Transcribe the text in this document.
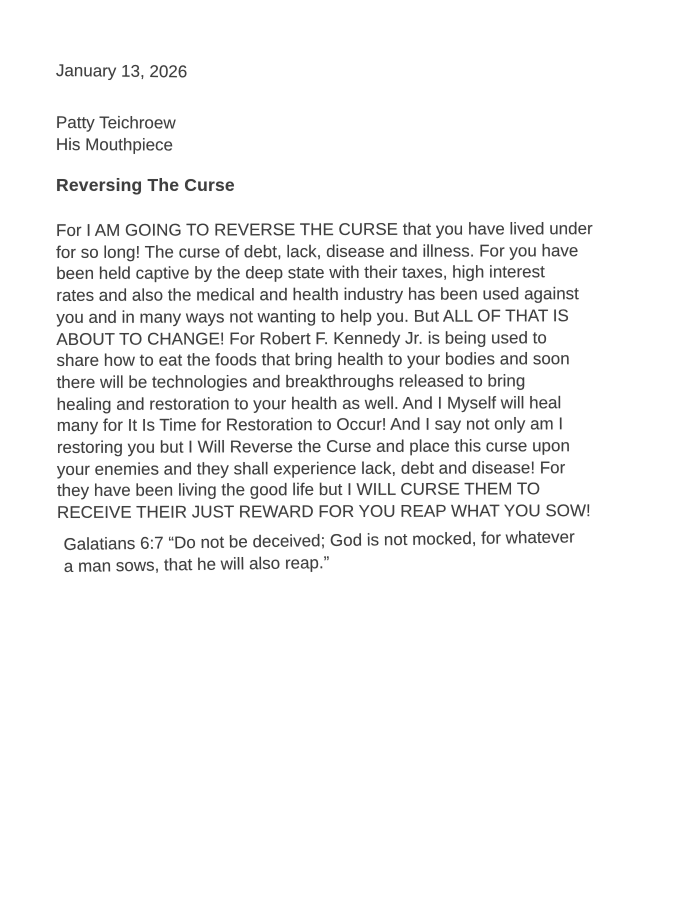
January 13, 2026
Patty Teichroew
His Mouthpiece
Reversing The Curse
For I AM GOING TO REVERSE THE CURSE that you have lived under
for so long! The curse of debt, lack, disease and illness. For you have
been held captive by the deep state with their taxes, high interest
rates and also the medical and health industry has been used against
you and in many ways not wanting to help you. But ALL OF THAT IS
ABOUT TO CHANGE! For Robert F. Kennedy Jr. is being used to
share how to eat the foods that bring health to your bodies and soon
there will be technologies and breakthroughs released to bring
healing and restoration to your health as well. And I Myself will heal
many for It Is Time for Restoration to Occur! And I say not only am I
restoring you but I Will Reverse the Curse and place this curse upon
your enemies and they shall experience lack, debt and disease! For
they have been living the good life but I WILL CURSE THEM TO
RECEIVE THEIR JUST REWARD FOR YOU REAP WHAT YOU SOW!
Galatians 6:7 “Do not be deceived; God is not mocked, for whatever
a man sows, that he will also reap.”
